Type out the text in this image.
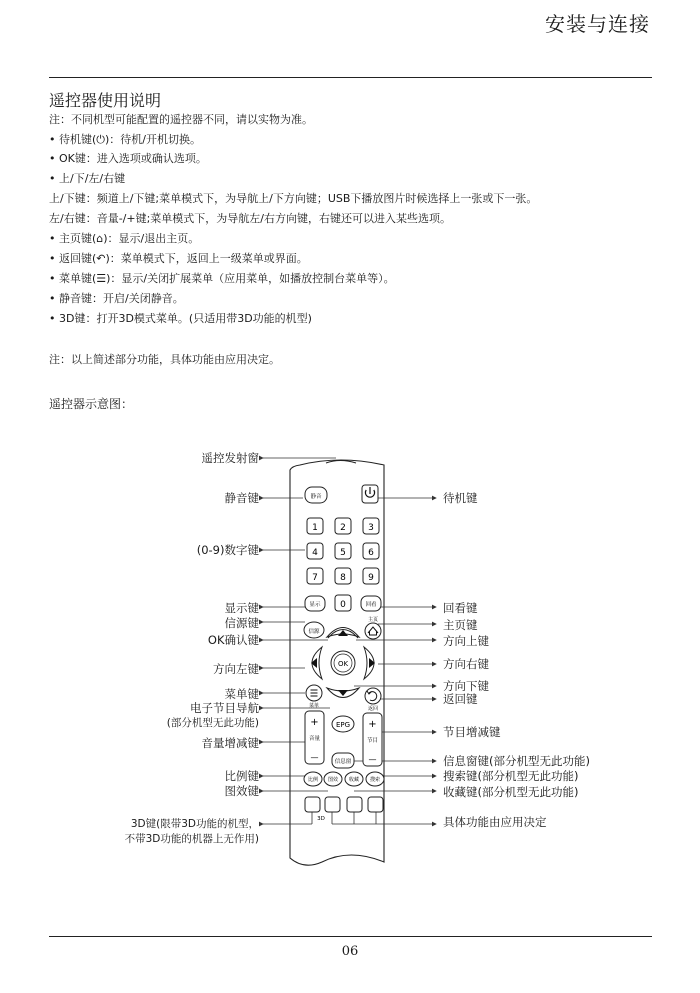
安装与连接
遥控器使用说明
注：不同机型可能配置的遥控器不同，请以实物为准。
• 待机键(⏻)：待机/开机切换。
• OK键：进入选项或确认选项。
• 上/下/左/右键
上/下键：频道上/下键;菜单模式下，为导航上/下方向键；USB下播放图片时候选择上一张或下一张。
左/右键：音量-/+键;菜单模式下，为导航左/右方向键，右键还可以进入某些选项。
• 主页键(⌂)：显示/退出主页。
• 返回键(↶)：菜单模式下，返回上一级菜单或界面。
• 菜单键(☰)：显示/关闭扩展菜单（应用菜单，如播放控制台菜单等）。
• 静音键：开启/关闭静音。
• 3D键：打开3D模式菜单。(只适用带3D功能的机型)
注：以上简述部分功能，具体功能由应用决定。
遥控器示意图：
遥控发射窗
静音键
(0-9)数字键
显示键
信源键
OK确认键
方向左键
菜单键
电子节目导航
(部分机型无此功能)
音量增减键
比例键
图效键
3D键(限带3D功能的机型，
不带3D功能的机器上无作用)
待机键
回看键
主页键
方向上键
方向右键
方向下键
返回键
节目增减键
信息窗键(部分机型无此功能)
搜索键(部分机型无此功能)
收藏键(部分机型无此功能)
具体功能由应用决定
静音
1 2 3
4 5 6
7 8 9
显示 0	回看
信源
主页
OK
菜单
+
音量
—
EPG
返回
+
节目
—
信息窗
比例 图效 收藏 搜索
3D
06
